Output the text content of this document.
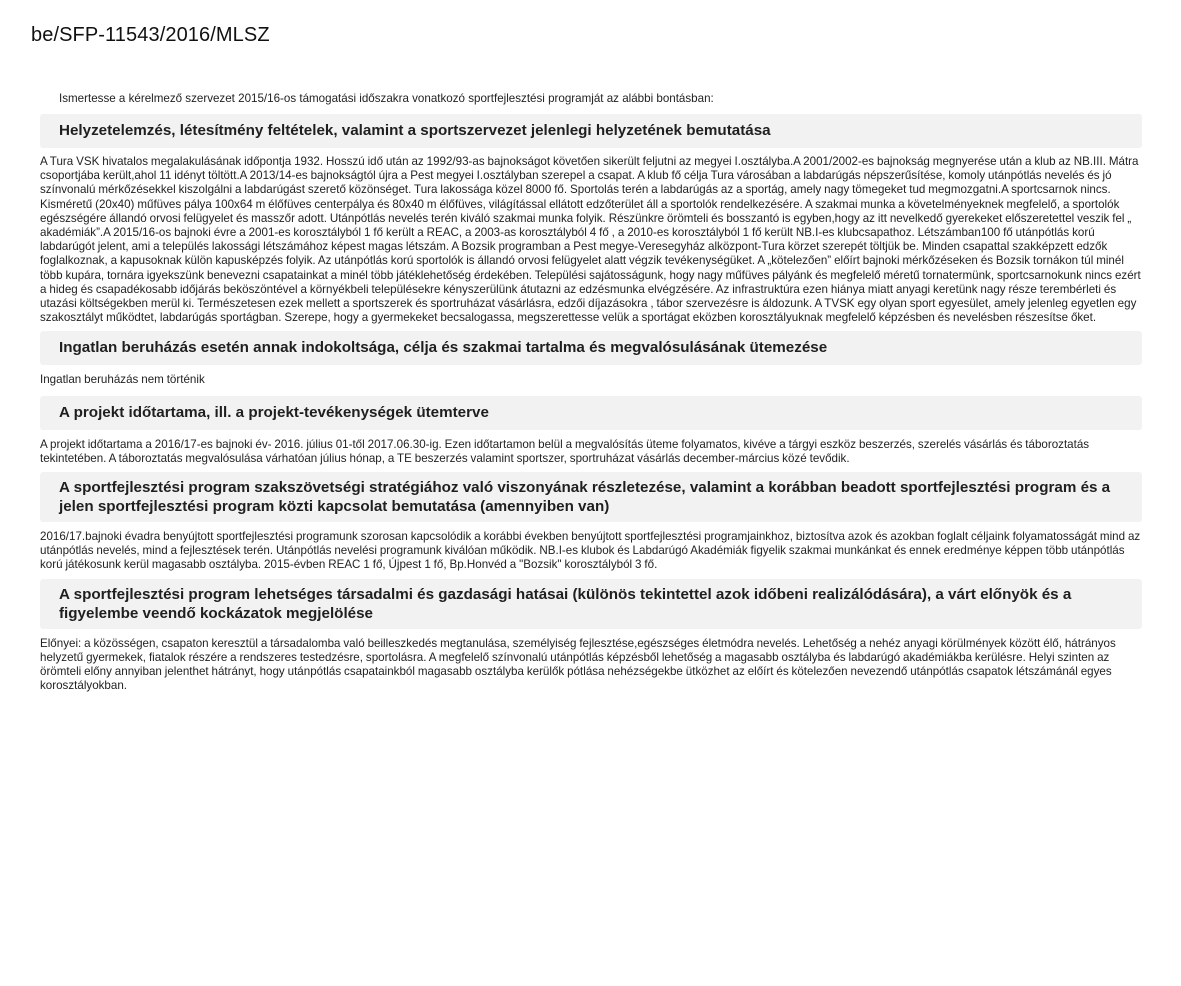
be/SFP-11543/2016/MLSZ

Ismertesse a kérelmező szervezet 2015/16-os támogatási időszakra vonatkozó sportfejlesztési programját az alábbi bontásban:

Helyzetelemzés, létesítmény feltételek, valamint a sportszervezet jelenlegi helyzetének bemutatása

A Tura VSK hivatalos megalakulásának időpontja 1932. Hosszú idő után az 1992/93-as bajnokságot követően sikerült feljutni az megyei I.osztályba.A 2001/2002-es bajnokság megnyerése után a klub az NB.III. Mátra csoportjába került,ahol 11 idényt töltött.A 2013/14-es bajnokságtól újra a Pest megyei I.osztályban szerepel a csapat. A klub fő célja Tura városában a labdarúgás népszerűsítése, komoly utánpótlás nevelés és jó színvonalú mérkőzésekkel kiszolgálni a labdarúgást szerető közönséget. Tura lakossága közel 8000 fő. Sportolás terén a labdarúgás az a sportág, amely nagy tömegeket tud megmozgatni.A sportcsarnok nincs. Kisméretű (20x40) műfüves pálya 100x64 m élőfüves centerpálya és 80x40 m élőfüves, világítással ellátott edzőterület áll a sportolók rendelkezésére. A szakmai munka a követelményeknek megfelelő, a sportolók egészségére állandó orvosi felügyelet és masszőr adott. Utánpótlás nevelés terén kiváló szakmai munka folyik. Részünkre örömteli és bosszantó is egyben,hogy az itt nevelkedő gyerekeket előszeretettel veszik fel „ akadémiák”.A 2015/16-os bajnoki évre a 2001-es korosztályból 1 fő került a REAC, a 2003-as korosztályból 4 fő , a 2010-es korosztályból 1 fő került NB.I-es klubcsapathoz. Létszámban100 fő utánpótlás korú labdarúgót jelent, ami a település lakossági létszámához képest magas létszám. A Bozsik programban a Pest megye-Veresegyház alközpont-Tura körzet szerepét töltjük be. Minden csapattal szakképzett edzők foglalkoznak, a kapusoknak külön kapusképzés folyik. Az utánpótlás korú sportolók is állandó orvosi felügyelet alatt végzik tevékenységüket. A „kötelezően” előírt bajnoki mérkőzéseken és Bozsik tornákon túl minél több kupára, tornára igyekszünk benevezni csapatainkat a minél több játéklehetőség érdekében. Települési sajátosságunk, hogy nagy műfüves pályánk és megfelelő méretű tornatermünk, sportcsarnokunk nincs ezért a hideg és csapadékosabb időjárás beköszöntével a környékbeli településekre kényszerülünk átutazni az edzésmunka elvégzésére. Az infrastruktúra ezen hiánya miatt anyagi keretünk nagy része terembérleti és utazási költségekben merül ki. Természetesen ezek mellett a sportszerek és sportruházat vásárlásra, edzői díjazásokra , tábor szervezésre is áldozunk. A TVSK egy olyan sport egyesület, amely jelenleg egyetlen egy szakosztályt működtet, labdarúgás sportágban. Szerepe, hogy a gyermekeket becsalogassa, megszerettesse velük a sportágat eközben korosztályuknak megfelelő képzésben és nevelésben részesítse őket.

Ingatlan beruházás esetén annak indokoltsága, célja és szakmai tartalma és megvalósulásának ütemezése

Ingatlan beruházás nem történik

A projekt időtartama, ill. a projekt-tevékenységek ütemterve

A projekt időtartama a 2016/17-es bajnoki év- 2016. július 01-től 2017.06.30-ig. Ezen időtartamon belül a megvalósítás üteme folyamatos, kivéve a tárgyi eszköz beszerzés, szerelés vásárlás és táboroztatás tekintetében. A táboroztatás megvalósulása várhatóan július hónap, a TE beszerzés valamint sportszer, sportruházat vásárlás december-március közé tevődik.

A sportfejlesztési program szakszövetségi stratégiához való viszonyának részletezése, valamint a korábban beadott sportfejlesztési program és a jelen sportfejlesztési program közti kapcsolat bemutatása (amennyiben van)

2016/17.bajnoki évadra benyújtott sportfejlesztési programunk szorosan kapcsolódik a korábbi években benyújtott sportfejlesztési programjainkhoz, biztosítva azok és azokban foglalt céljaink folyamatosságát mind az utánpótlás nevelés, mind a fejlesztések terén. Utánpótlás nevelési programunk kiválóan működik. NB.I-es klubok és Labdarúgó Akadémiák figyelik szakmai munkánkat és ennek eredménye képpen több utánpótlás korú játékosunk kerül magasabb osztályba. 2015-évben REAC 1 fő, Újpest 1 fő, Bp.Honvéd a "Bozsik" korosztályból 3 fő.

A sportfejlesztési program lehetséges társadalmi és gazdasági hatásai (különös tekintettel azok időbeni realizálódására), a várt előnyök és a figyelembe veendő kockázatok megjelölése

Előnyei: a közösségen, csapaton keresztül a társadalomba való beilleszkedés megtanulása, személyiség fejlesztése,egészséges életmódra nevelés. Lehetőség a nehéz anyagi körülmények között élő, hátrányos helyzetű gyermekek, fiatalok részére a rendszeres testedzésre, sportolásra. A megfelelő színvonalú utánpótlás képzésből lehetőség a magasabb osztályba és labdarúgó akadémiákba kerülésre. Helyi szinten az örömteli előny annyiban jelenthet hátrányt, hogy utánpótlás csapatainkból magasabb osztályba kerülők pótlása nehézségekbe ütközhet az előírt és kötelezően nevezendő utánpótlás csapatok létszámánál egyes korosztályokban.
